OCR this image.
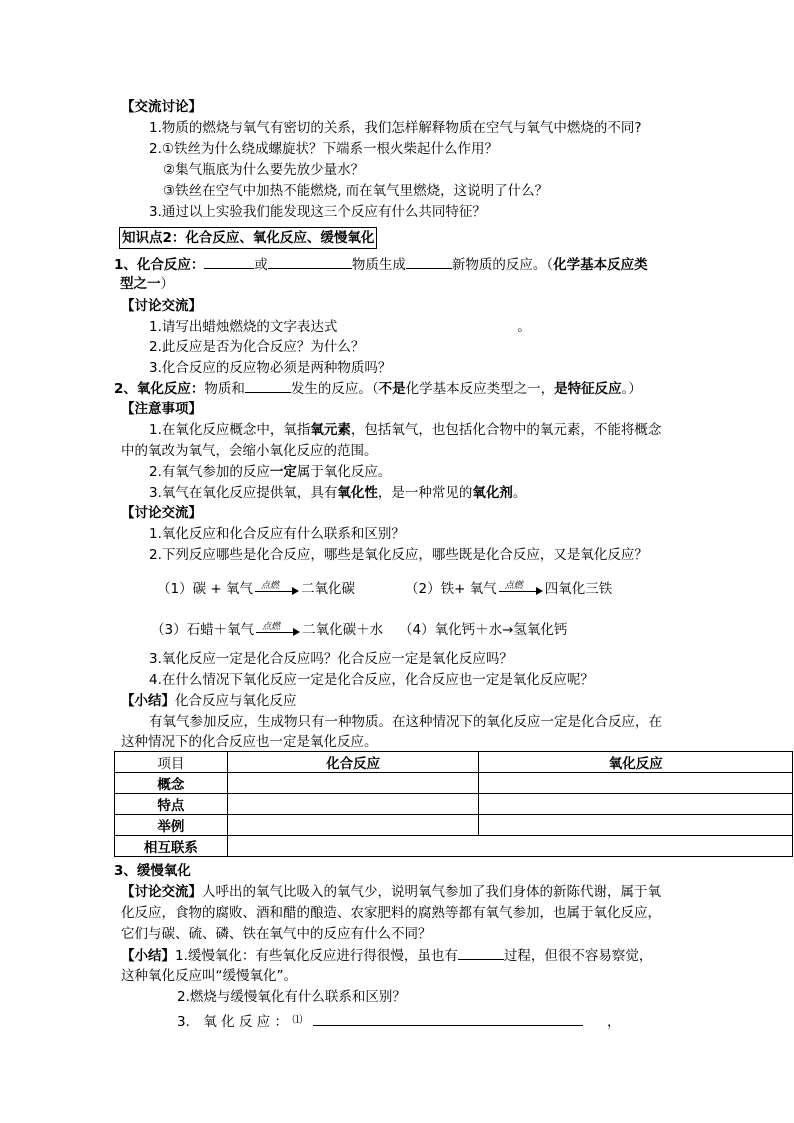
【交流讨论】
1.物质的燃烧与氧气有密切的关系，我们怎样解释物质在空气与氧气中燃烧的不同?
2.①铁丝为什么绕成螺旋状？下端系一根火柴起什么作用？
②集气瓶底为什么要先放少量水？
③铁丝在空气中加热不能燃烧, 而在氧气里燃烧，这说明了什么？
3.通过以上实验我们能发现这三个反应有什么共同特征？
知识点2：化合反应、氧化反应、缓慢氧化
1、化合反应：	或	物质生成	新物质的反应。（化学基本反应类
型之一）
【讨论交流】
1.请写出蜡烛燃烧的文字表达式	。
2.此反应是否为化合反应？为什么？
3.化合反应的反应物必须是两种物质吗？
2、氧化反应：物质和	发生的反应。（不是化学基本反应类型之一，是特征反应。）
【注意事项】
1.在氧化反应概念中，氧指氧元素，包括氧气，也包括化合物中的氧元素，不能将概念
中的氧改为氧气，会缩小氧化反应的范围。
2.有氧气参加的反应一定属于氧化反应。
3.氧气在氧化反应提供氧，具有氧化性，是一种常见的氧化剂。
【讨论交流】
1.氧化反应和化合反应有什么联系和区别？
2.下列反应哪些是化合反应，哪些是氧化反应，哪些既是化合反应，又是氧化反应？
（1）碳 + 氧气 点燃 二氧化碳	（2）铁+ 氧气 点燃 四氧化三铁
（3）石蜡＋氧气 点燃 二氧化碳＋水 （4）氧化钙＋水→氢氧化钙
3.氧化反应一定是化合反应吗？化合反应一定是氧化反应吗？
4.在什么情况下氧化反应一定是化合反应，化合反应也一定是氧化反应呢？
【小结】化合反应与氧化反应
有氧气参加反应，生成物只有一种物质。在这种情况下的氧化反应一定是化合反应，在
这种情况下的化合反应也一定是氧化反应。
项目	化合反应	氧化反应
概念		
特点		
举例		
相互联系		
3、缓慢氧化
【讨论交流】人呼出的氧气比吸入的氧气少，说明氧气参加了我们身体的新陈代谢，属于氧
化反应，食物的腐败、酒和醋的酿造、农家肥料的腐熟等都有氧气参加，也属于氧化反应，
它们与碳、硫、磷、铁在氧气中的反应有什么不同？
【小结】1.缓慢氧化：有些氧化反应进行得很慢，虽也有	过程，但很不容易察觉，
这种氧化反应叫“缓慢氧化”。
2.燃烧与缓慢氧化有什么联系和区别？
3． 氧 化 反 应 ： ⑴	，
